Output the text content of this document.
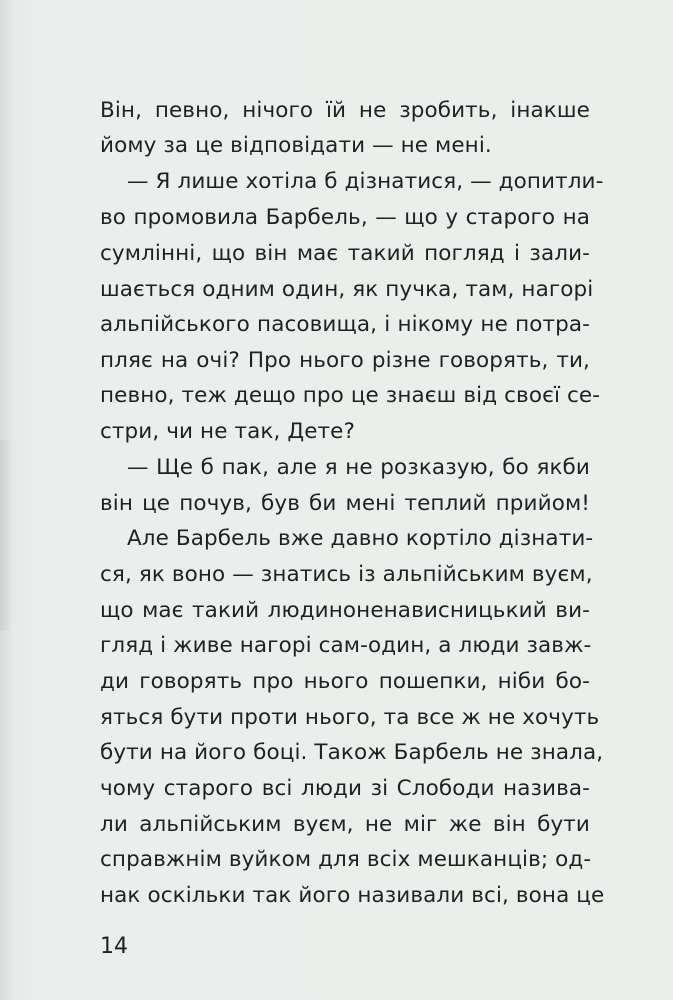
Він, певно, нічого їй не зробить, інакше
йому за це відповідати — не мені.
— Я лише хотіла б дізнатися, — допитли-
во промовила Барбель, — що у старого на
сумлінні, що він має такий погляд і зали-
шається одним один, як пучка, там, нагорі
альпійського пасовища, і нікому не потра-
пляє на очі? Про нього різне говорять, ти,
певно, теж дещо про це знаєш від своєї се-
стри, чи не так, Дете?
— Ще б пак, але я не розказую, бо якби
він це почув, був би мені теплий прийом!
Але Барбель вже давно кортіло дізнати-
ся, як воно — знатись із альпійським вуєм,
що має такий людиноненависницький ви-
гляд і живе нагорі сам-один, а люди завж-
ди говорять про нього пошепки, ніби бо-
яться бути проти нього, та все ж не хочуть
бути на його боці. Також Барбель не знала,
чому старого всі люди зі Слободи назива-
ли альпійським вуєм, не міг же він бути
справжнім вуйком для всіх мешканців; од-
нак оскільки так його називали всі, вона це
14
